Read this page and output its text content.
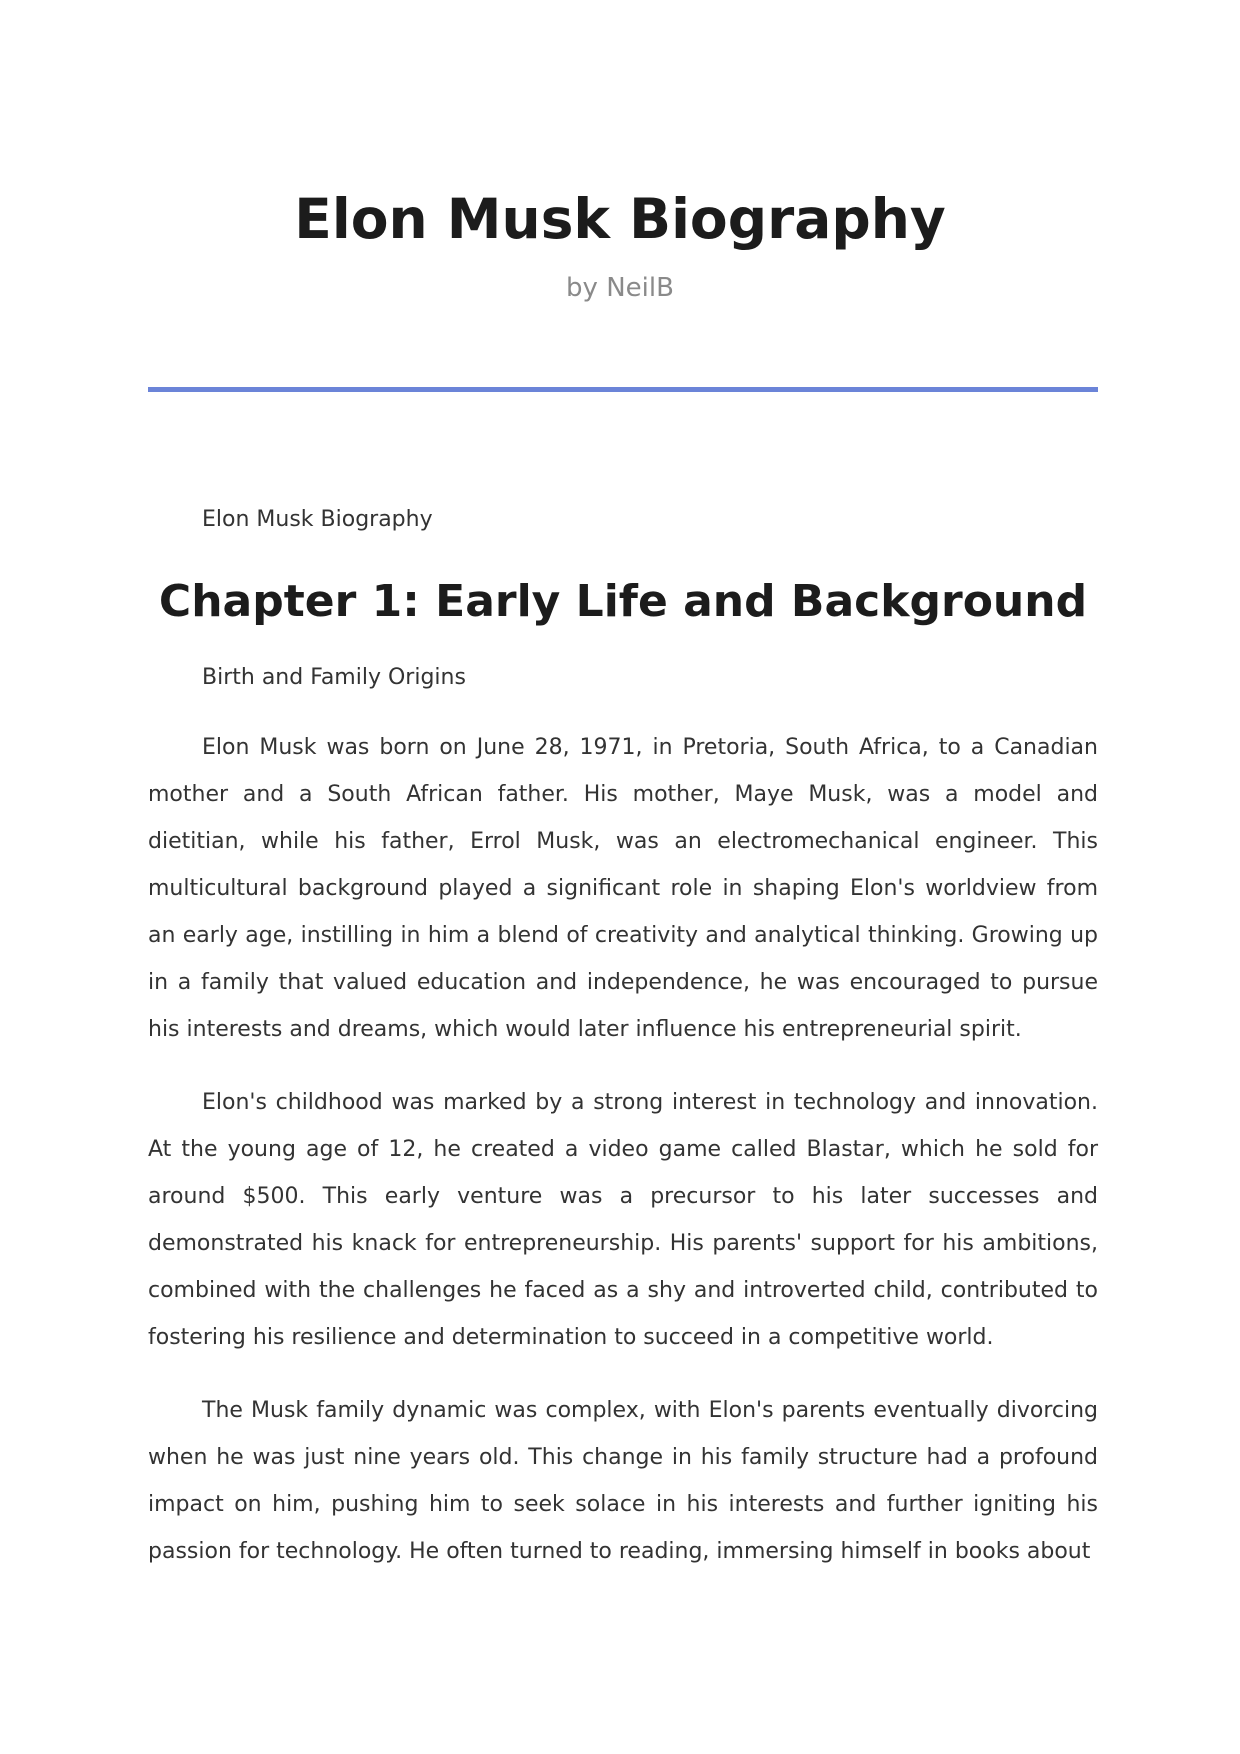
Elon Musk Biography
by NeilB

Elon Musk Biography

Chapter 1: Early Life and Background

Birth and Family Origins

Elon Musk was born on June 28, 1971, in Pretoria, South Africa, to a Canadian mother and a South African father. His mother, Maye Musk, was a model and dietitian, while his father, Errol Musk, was an electromechanical engineer. This multicultural background played a significant role in shaping Elon's worldview from an early age, instilling in him a blend of creativity and analytical thinking. Growing up in a family that valued education and independence, he was encouraged to pursue his interests and dreams, which would later influence his entrepreneurial spirit.

Elon's childhood was marked by a strong interest in technology and innovation. At the young age of 12, he created a video game called Blastar, which he sold for around $500. This early venture was a precursor to his later successes and demonstrated his knack for entrepreneurship. His parents' support for his ambitions, combined with the challenges he faced as a shy and introverted child, contributed to fostering his resilience and determination to succeed in a competitive world.

The Musk family dynamic was complex, with Elon's parents eventually divorcing when he was just nine years old. This change in his family structure had a profound impact on him, pushing him to seek solace in his interests and further igniting his passion for technology. He often turned to reading, immersing himself in books about
